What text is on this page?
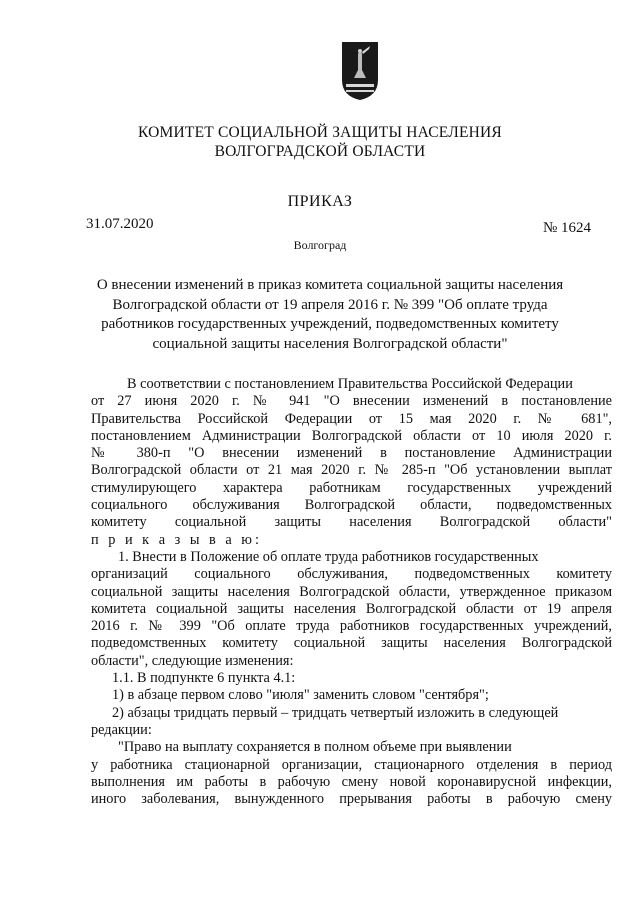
КОМИТЕТ СОЦИАЛЬНОЙ ЗАЩИТЫ НАСЕЛЕНИЯ
ВОЛГОГРАДСКОЙ ОБЛАСТИ
ПРИКАЗ
31.07.2020	№ 1624
Волгоград
О внесении изменений в приказ комитета социальной защиты населения
Волгоградской области от 19 апреля 2016 г. № 399 "Об оплате труда
работников государственных учреждений, подведомственных комитету
социальной защиты населения Волгоградской области"
В соответствии с постановлением Правительства Российской Федерации
от 27 июня 2020 г. № 941 "О внесении изменений в постановление
Правительства Российской Федерации от 15 мая 2020 г. № 681",
постановлением Администрации Волгоградской области от 10 июля 2020 г.
№ 380-п "О внесении изменений в постановление Администрации
Волгоградской области от 21 мая 2020 г. № 285-п "Об установлении выплат
стимулирующего характера работникам государственных учреждений
социального обслуживания Волгоградской области, подведомственных
комитету социальной защиты населения Волгоградской области"
п р и к а з ы в а ю:
1. Внести в Положение об оплате труда работников государственных
организаций социального обслуживания, подведомственных комитету
социальной защиты населения Волгоградской области, утвержденное приказом
комитета социальной защиты населения Волгоградской области от 19 апреля
2016 г. № 399 "Об оплате труда работников государственных учреждений,
подведомственных комитету социальной защиты населения Волгоградской
области", следующие изменения:
1.1. В подпункте 6 пункта 4.1:
1) в абзаце первом слово "июля" заменить словом "сентября";
2) абзацы тридцать первый – тридцать четвертый изложить в следующей
редакции:
"Право на выплату сохраняется в полном объеме при выявлении
у работника стационарной организации, стационарного отделения в период
выполнения им работы в рабочую смену новой коронавирусной инфекции,
иного заболевания, вынужденного прерывания работы в рабочую смену
